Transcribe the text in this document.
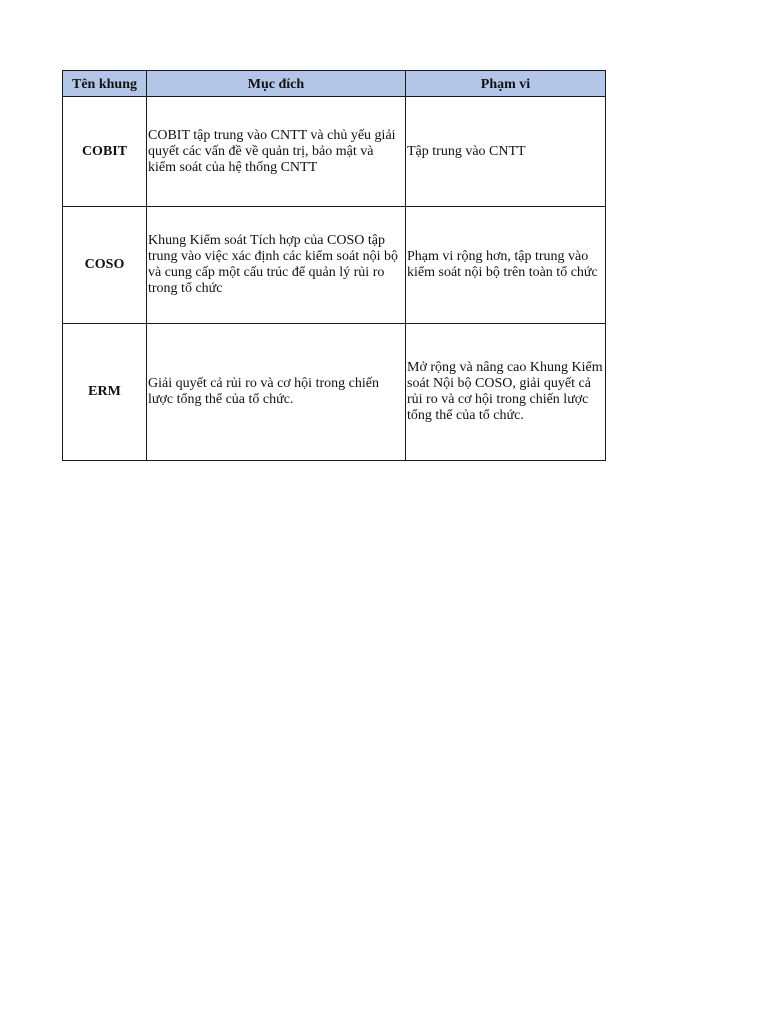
Tên khung	Mục đích	Phạm vi
COBIT	COBIT tập trung vào CNTT và chủ yếu giải quyết các vấn đề về quản trị, bảo mật và kiểm soát của hệ thống CNTT	Tập trung vào CNTT
COSO	Khung Kiểm soát Tích hợp của COSO tập trung vào việc xác định các kiểm soát nội bộ và cung cấp một cấu trúc để quản lý rủi ro trong tổ chức	Phạm vi rộng hơn, tập trung vào kiểm soát nội bộ trên toàn tổ chức
ERM	Giải quyết cả rủi ro và cơ hội trong chiến lược tổng thể của tổ chức.	Mở rộng và nâng cao Khung Kiểm soát Nội bộ COSO, giải quyết cả rủi ro và cơ hội trong chiến lược tổng thể của tổ chức.
